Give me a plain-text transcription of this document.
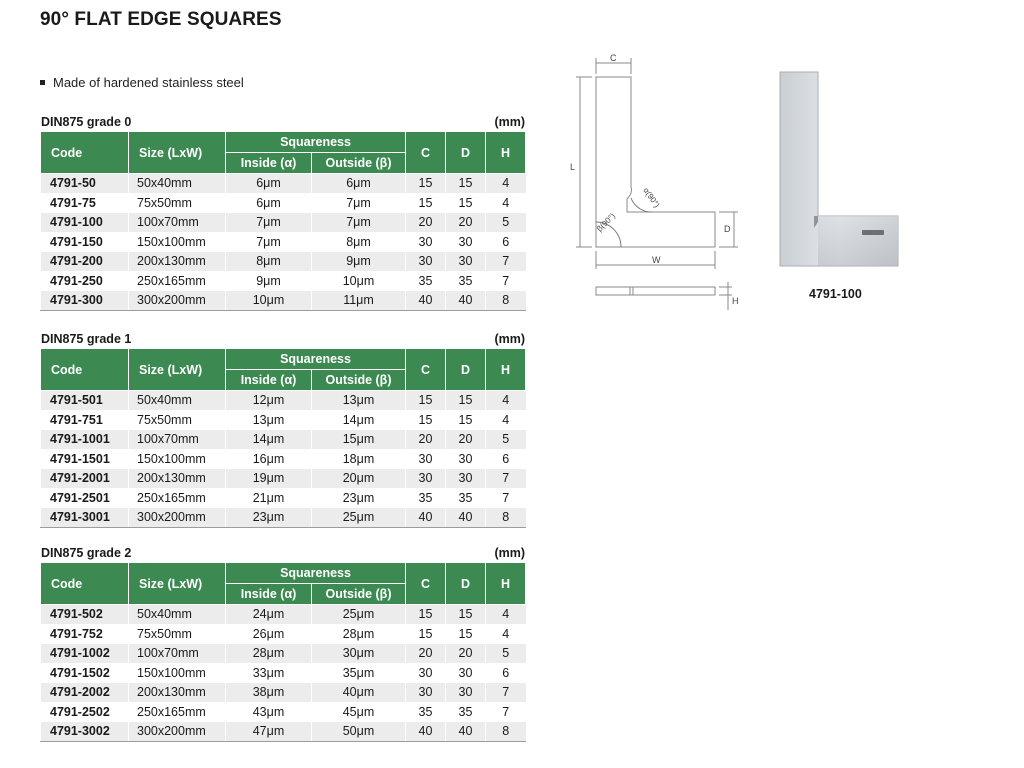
90° FLAT EDGE SQUARES
Made of hardened stainless steel
DIN875 grade 0	(mm)
Code	Size (LxW)	Squareness		C	D	H
		Inside (α)	Outside (β)			
4791-50	50x40mm	6μm	6μm	15	15	4
4791-75	75x50mm	6μm	7μm	15	15	4
4791-100	100x70mm	7μm	7μm	20	20	5
4791-150	150x100mm	7μm	8μm	30	30	6
4791-200	200x130mm	8μm	9μm	30	30	7
4791-250	250x165mm	9μm	10μm	35	35	7
4791-300	300x200mm	10μm	11μm	40	40	8
DIN875 grade 1	(mm)
Code	Size (LxW)	Squareness		C	D	H
		Inside (α)	Outside (β)			
4791-501	50x40mm	12μm	13μm	15	15	4
4791-751	75x50mm	13μm	14μm	15	15	4
4791-1001	100x70mm	14μm	15μm	20	20	5
4791-1501	150x100mm	16μm	18μm	30	30	6
4791-2001	200x130mm	19μm	20μm	30	30	7
4791-2501	250x165mm	21μm	23μm	35	35	7
4791-3001	300x200mm	23μm	25μm	40	40	8
DIN875 grade 2	(mm)
Code	Size (LxW)	Squareness		C	D	H
		Inside (α)	Outside (β)			
4791-502	50x40mm	24μm	25μm	15	15	4
4791-752	75x50mm	26μm	28μm	15	15	4
4791-1002	100x70mm	28μm	30μm	20	20	5
4791-1502	150x100mm	33μm	35μm	30	30	6
4791-2002	200x130mm	38μm	40μm	30	30	7
4791-2502	250x165mm	43μm	45μm	35	35	7
4791-3002	300x200mm	47μm	50μm	40	40	8
C
L
W
D
H
α(90°)
β(90°)
4791-100
